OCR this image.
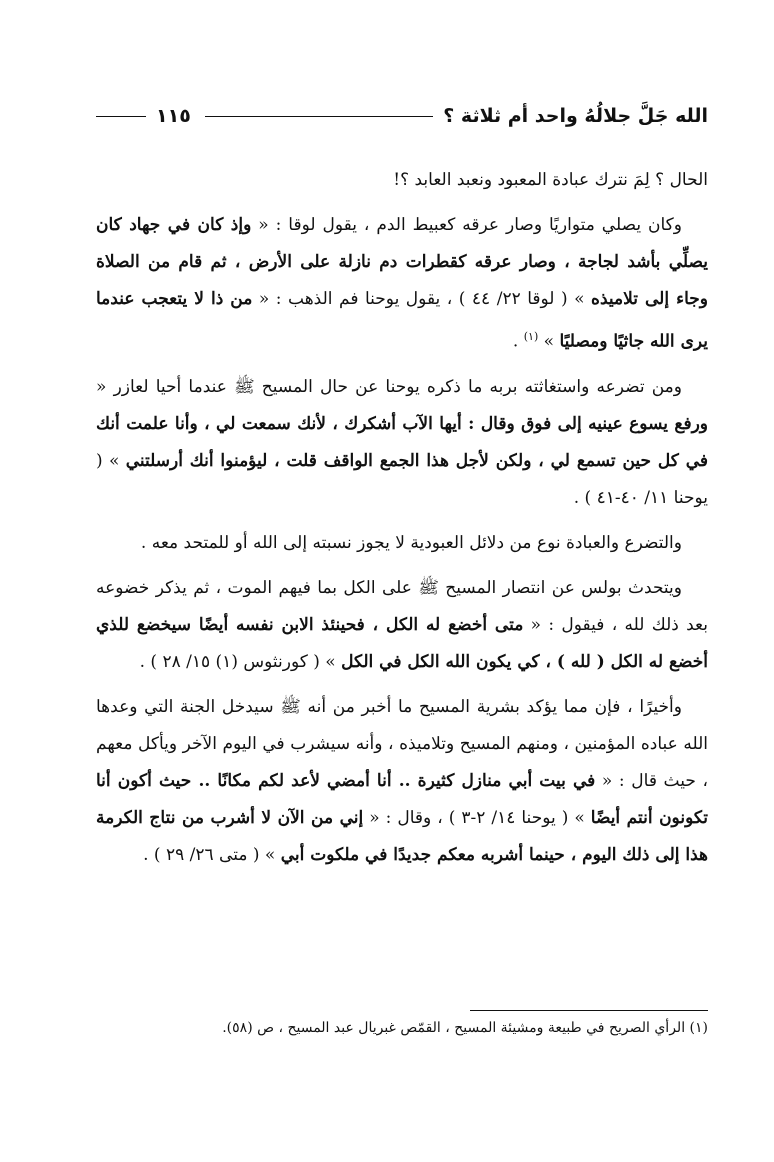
الله جَلَّ جلالُهُ واحد أم ثلاثة ؟
١١٥

الحال ؟ لِمَ نترك عبادة المعبود ونعبد العابد ؟!

وكان يصلي متواريًا وصار عرقه كعبيط الدم ، يقول لوقا : « وإذ كان في جهاد كان يصلِّي بأشد لجاجة ، وصار عرقه كقطرات دم نازلة على الأرض ، ثم قام من الصلاة وجاء إلى تلاميذه » ( لوقا ٢٢/ ٤٤ ) ، يقول يوحنا فم الذهب : « من ذا لا يتعجب عندما يرى الله جاثيًا ومصليًا » $^{(١)}$ .

ومن تضرعه واستغاثته بربه ما ذكره يوحنا عن حال المسيح ﷺ عندما أحيا لعازر « ورفع يسوع عينيه إلى فوق وقال : أيها الآب أشكرك ، لأنك سمعت لي ، وأنا علمت أنك في كل حين تسمع لي ، ولكن لأجل هذا الجمع الواقف قلت ، ليؤمنوا أنك أرسلتني » ( يوحنا ١١/ ٤٠-٤١ ) .

والتضرع والعبادة نوع من دلائل العبودية لا يجوز نسبته إلى الله أو للمتحد معه .

ويتحدث بولس عن انتصار المسيح ﷺ على الكل بما فيهم الموت ، ثم يذكر خضوعه بعد ذلك لله ، فيقول : « متى أخضع له الكل ، فحينئذ الابن نفسه أيضًا سيخضع للذي أخضع له الكل ( لله ) ، كي يكون الله الكل في الكل » ( كورنثوس (١) ١٥/ ٢٨ ) .

وأخيرًا ، فإن مما يؤكد بشرية المسيح ما أخبر من أنه ﷺ سيدخل الجنة التي وعدها الله عباده المؤمنين ، ومنهم المسيح وتلاميذه ، وأنه سيشرب في اليوم الآخر ويأكل معهم ، حيث قال : « في بيت أبي منازل كثيرة .. أنا أمضي لأعد لكم مكانًا .. حيث أكون أنا تكونون أنتم أيضًا » ( يوحنا ١٤/ ٢-٣ ) ، وقال : « إني من الآن لا أشرب من نتاج الكرمة هذا إلى ذلك اليوم ، حينما أشربه معكم جديدًا في ملكوت أبي » ( متى ٢٦/ ٢٩ ) .

(١) الرأي الصريح في طبيعة ومشيئة المسيح ، القمّص غبريال عبد المسيح ، ص (٥٨).
